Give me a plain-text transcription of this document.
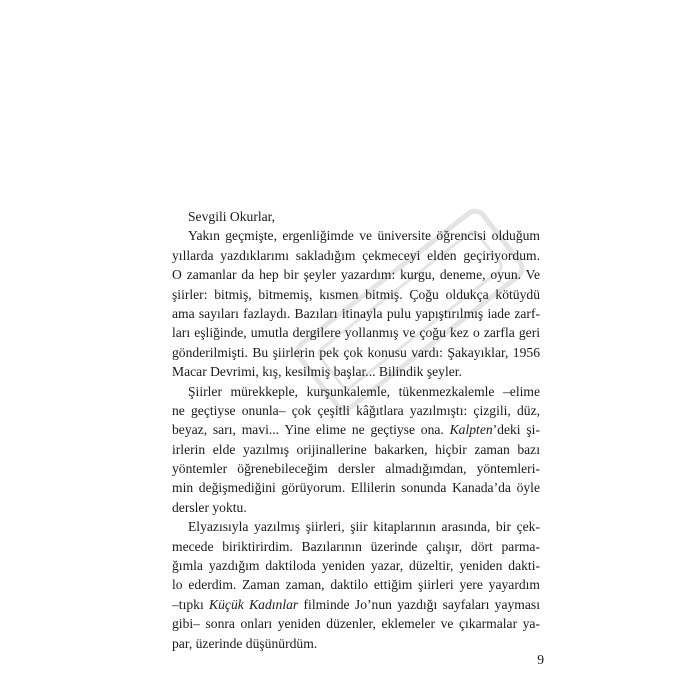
Sevgili Okurlar,
Yakın geçmişte, ergenliğimde ve üniversite öğrencisi olduğum
yıllarda yazdıklarımı sakladığım çekmeceyi elden geçiriyordum.
O zamanlar da hep bir şeyler yazardım: kurgu, deneme, oyun. Ve
şiirler: bitmiş, bitmemiş, kısmen bitmiş. Çoğu oldukça kötüydü
ama sayıları fazlaydı. Bazıları itinayla pulu yapıştırılmış iade zarf-
ları eşliğinde, umutla dergilere yollanmış ve çoğu kez o zarfla geri
gönderilmişti. Bu şiirlerin pek çok konusu vardı: Şakayıklar, 1956
Macar Devrimi, kış, kesilmiş başlar... Bilindik şeyler.
Şiirler mürekkeple, kurşunkalemle, tükenmezkalemle –elime
ne geçtiyse onunla– çok çeşitli kâğıtlara yazılmıştı: çizgili, düz,
beyaz, sarı, mavi... Yine elime ne geçtiyse ona. Kalpten’deki şi-
irlerin elde yazılmış orijinallerine bakarken, hiçbir zaman bazı
yöntemler öğrenebileceğim dersler almadığımdan, yöntemleri-
min değişmediğini görüyorum. Ellilerin sonunda Kanada’da öyle
dersler yoktu.
Elyazısıyla yazılmış şiirleri, şiir kitaplarının arasında, bir çek-
mecede biriktirirdim. Bazılarının üzerinde çalışır, dört parma-
ğımla yazdığım daktiloda yeniden yazar, düzeltir, yeniden dakti-
lo ederdim. Zaman zaman, daktilo ettiğim şiirleri yere yayardım
–tıpkı Küçük Kadınlar filminde Jo’nun yazdığı sayfaları yayması
gibi– sonra onları yeniden düzenler, eklemeler ve çıkarmalar ya-
par, üzerinde düşünürdüm.
9
